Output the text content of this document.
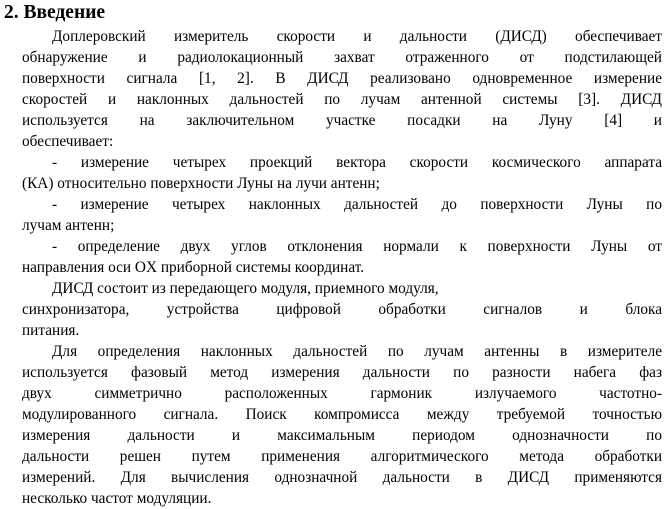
2. Введение
Доплеровский измеритель скорости и дальности (ДИСД) обеспечивает
обнаружение и радиолокационный захват отраженного от подстилающей
поверхности сигнала [1, 2]. В ДИСД реализовано одновременное измерение
скоростей и наклонных дальностей по лучам антенной системы [3]. ДИСД
используется на заключительном участке посадки на Луну [4] и
обеспечивает:
- измерение четырех проекций вектора скорости космического аппарата
(КА) относительно поверхности Луны на лучи антенн;
- измерение четырех наклонных дальностей до поверхности Луны по
лучам антенн;
- определение двух углов отклонения нормали к поверхности Луны от
направления оси OX приборной системы координат.
ДИСД состоит из передающего модуля, приемного модуля,
синхронизатора, устройства цифровой обработки сигналов и блока
питания.
Для определения наклонных дальностей по лучам антенны в измерителе
используется фазовый метод измерения дальности по разности набега фаз
двух симметрично расположенных гармоник излучаемого частотно-
модулированного сигнала. Поиск компромисса между требуемой точностью
измерения дальности и максимальным периодом однозначности по
дальности решен путем применения алгоритмического метода обработки
измерений. Для вычисления однозначной дальности в ДИСД применяются
несколько частот модуляции.
